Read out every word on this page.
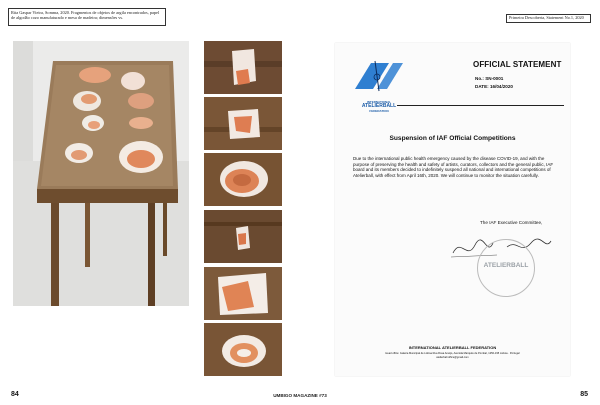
Rita Gaspar Vieira, Somma, 2020. Fragmentos de objetos de argila encontrados, papel de algodão cozo manufaturado e mesa de madeira; dimensões vs.	Primeira Descoberta, Statement No.1, 2020
INTERNATIONAL
ATELIERBALL
FEDERATION
OFFICIAL STATEMENT
No.: SN-0001
DATE: 16/04/2020
Suspension of IAF Official Competitions
Due to the international public health emergency caused by the disease COVID-19, and with the purpose of preserving the health and safety of artists, curators, collectors and the general public, IAF board and its members decided to indefinitely suspend all national and international competitions of Atelierball, with effect from April 16th, 2020. We will continue to monitor the situation carefully.
The IAF Executive Committee,
ATELIERBALL
INTERNATIONAL ATELIERBALL FEDERATION
Head office: Galeria Municipal de Lisboa Rua Rosa Araújo, Avenida Marquês de Pombal, 1250-195 Lisboa · Portugal
atelierball.office@gmail.com
84	UMBIGO MAGAZINE #73	85
